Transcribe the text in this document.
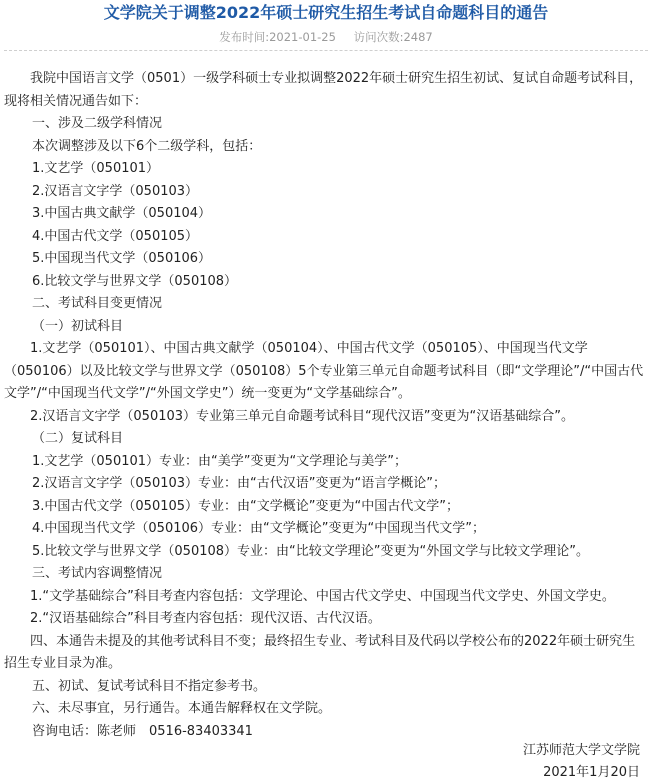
文学院关于调整2022年硕士研究生招生考试自命题科目的通告
发布时间:2021-01-25 访问次数:2487

我院中国语言文学（0501）一级学科硕士专业拟调整2022年硕士研究生招生初试、复试自命题考试科目，现将相关情况通告如下：

一、涉及二级学科情况

本次调整涉及以下6个二级学科，包括：

1.文艺学（050101）

2.汉语言文字学（050103）

3.中国古典文献学（050104）

4.中国古代文学（050105）

5.中国现当代文学（050106）

6.比较文学与世界文学（050108）

二、考试科目变更情况

（一）初试科目

1.文艺学（050101）、中国古典文献学（050104）、中国古代文学（050105）、中国现当代文学（050106）以及比较文学与世界文学（050108）5个专业第三单元自命题考试科目（即“文学理论”/“中国古代文学”/“中国现当代文学”/“外国文学史”）统一变更为“文学基础综合”。

2.汉语言文字学（050103）专业第三单元自命题考试科目“现代汉语”变更为“汉语基础综合”。

（二）复试科目

1.文艺学（050101）专业：由“美学”变更为“文学理论与美学”；

2.汉语言文字学（050103）专业：由“古代汉语”变更为“语言学概论”；

3.中国古代文学（050105）专业：由“文学概论”变更为“中国古代文学”；

4.中国现当代文学（050106）专业：由“文学概论”变更为“中国现当代文学”；

5.比较文学与世界文学（050108）专业：由“比较文学理论”变更为“外国文学与比较文学理论”。

三、考试内容调整情况

1.“文学基础综合”科目考查内容包括：文学理论、中国古代文学史、中国现当代文学史、外国文学史。

2.“汉语基础综合”科目考查内容包括：现代汉语、古代汉语。

四、本通告未提及的其他考试科目不变；最终招生专业、考试科目及代码以学校公布的2022年硕士研究生招生专业目录为准。

五、初试、复试考试科目不指定参考书。

六、未尽事宜，另行通告。本通告解释权在文学院。

咨询电话：陈老师　0516-83403341

江苏师范大学文学院
2021年1月20日
